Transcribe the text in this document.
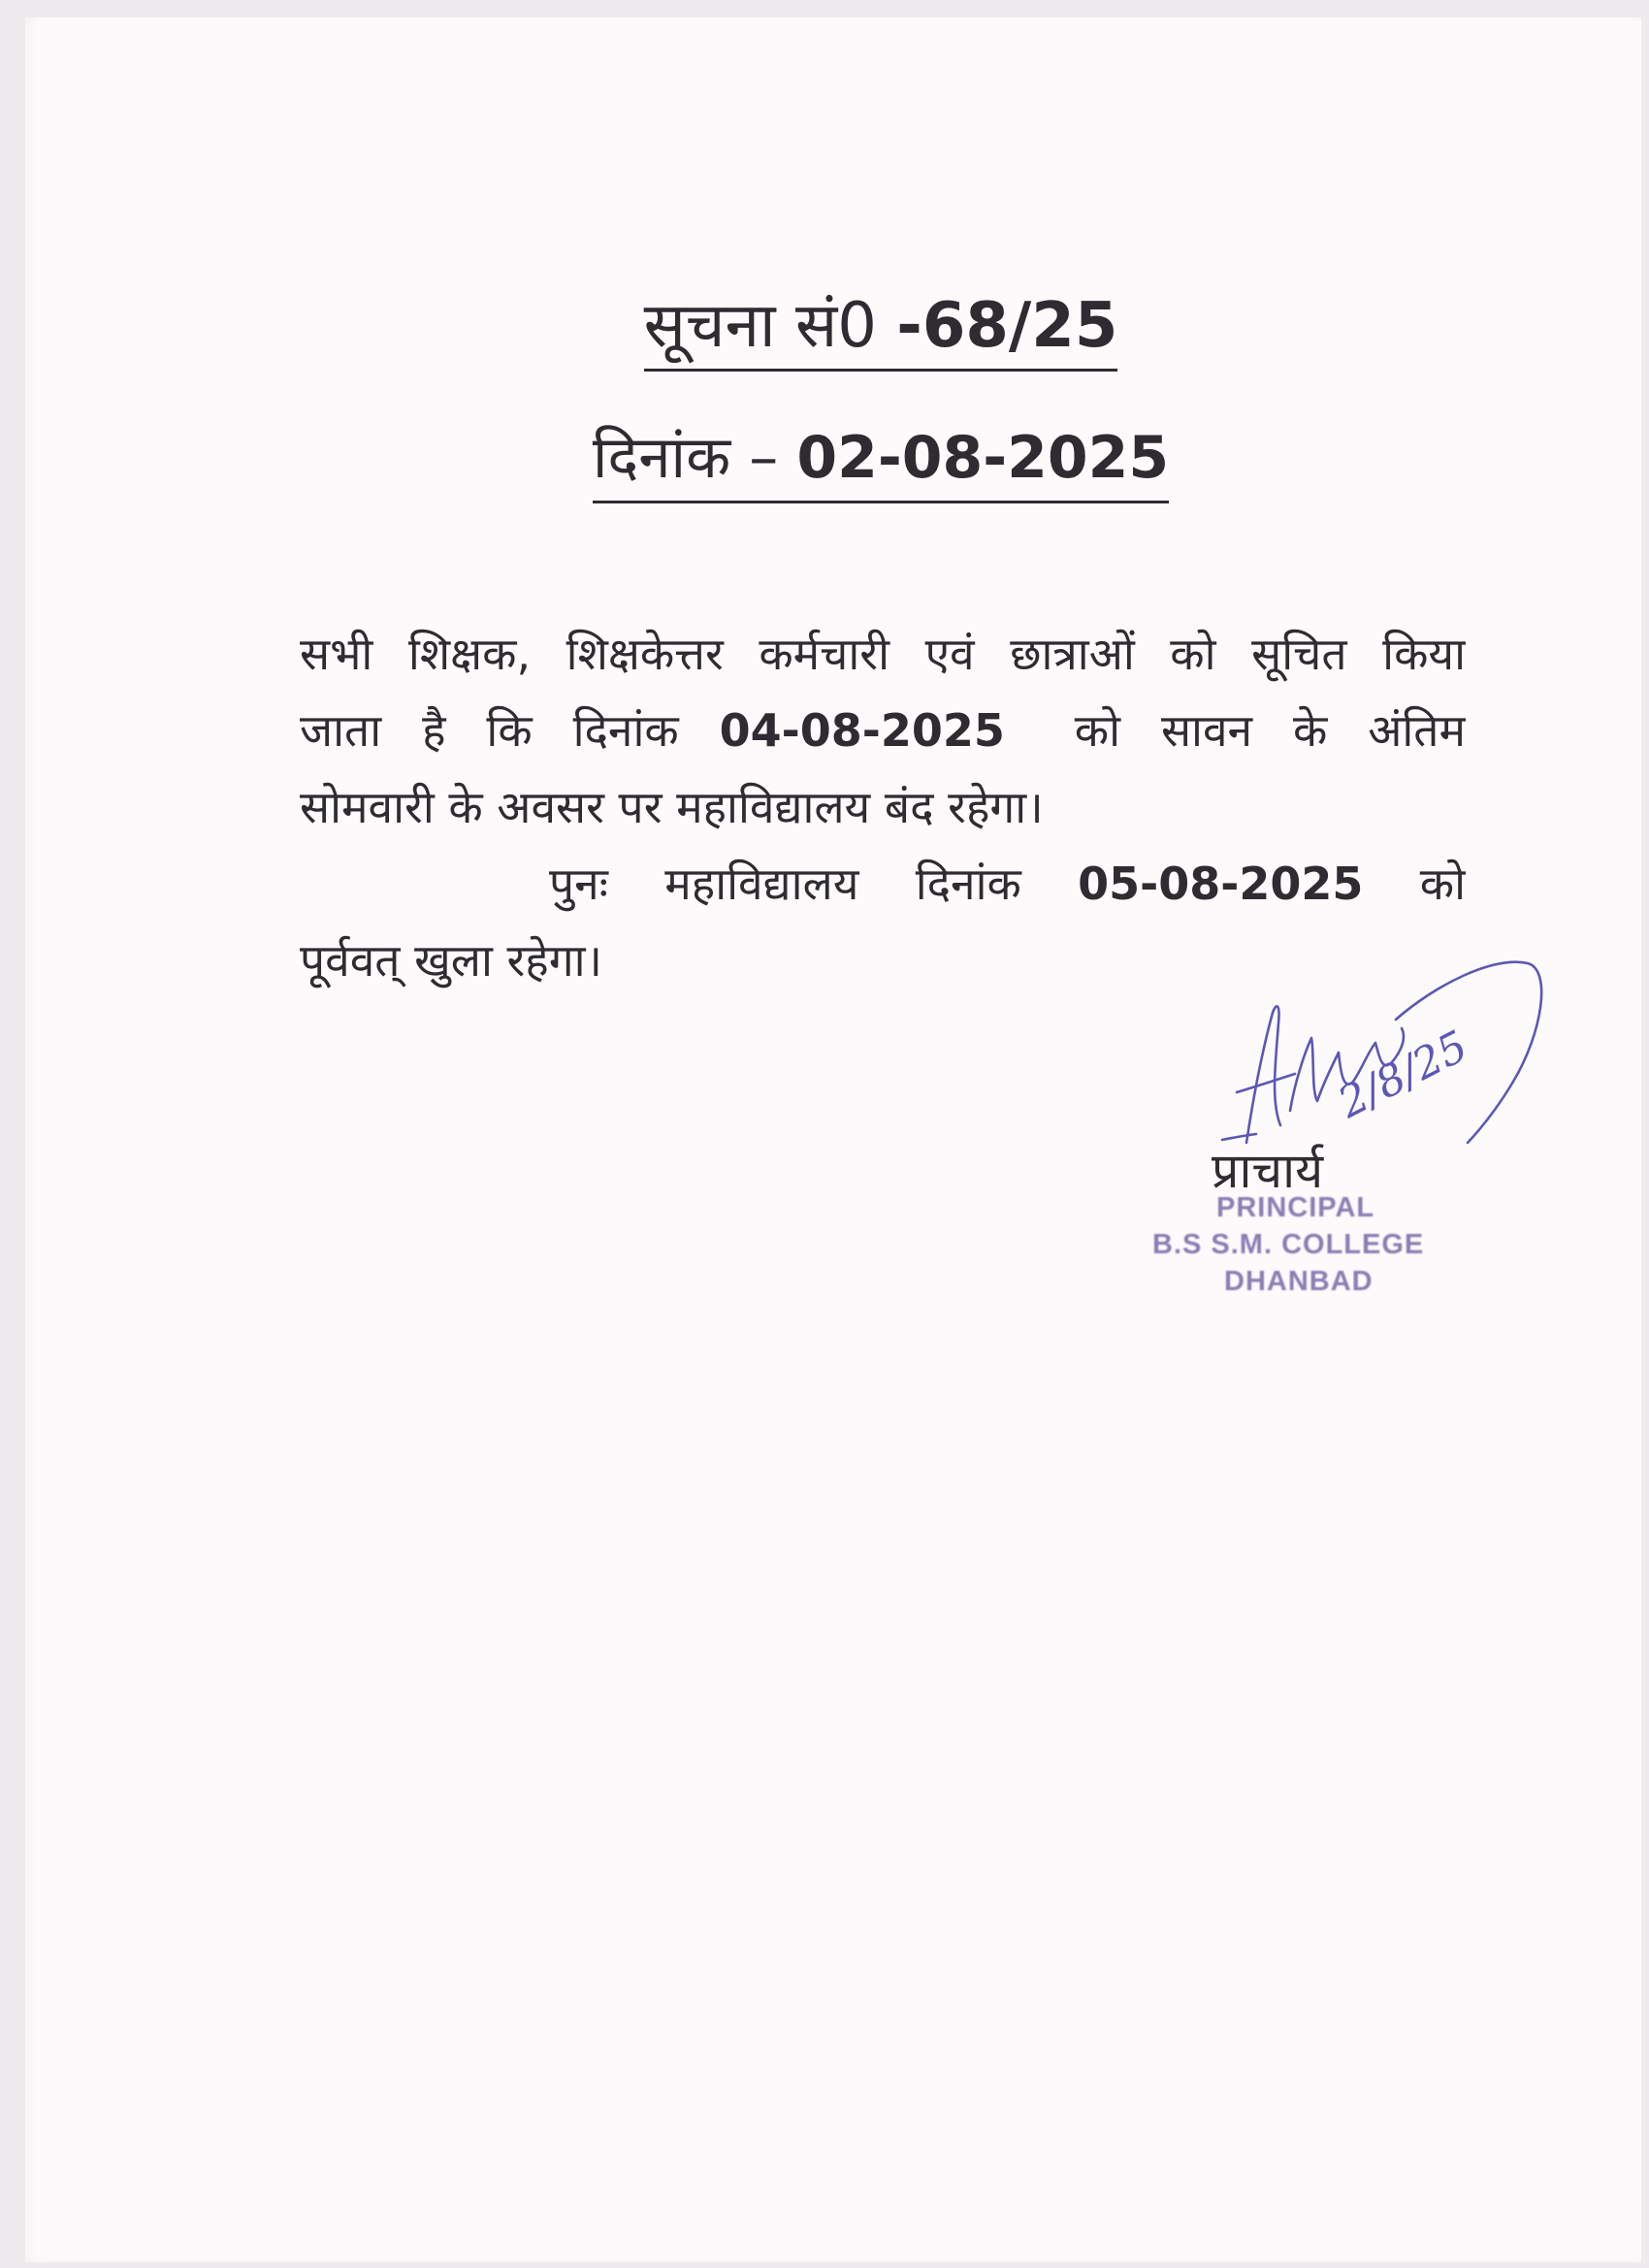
सूचना सं0 -68/25
दिनांक – 02-08-2025
सभी शिक्षक, शिक्षकेत्तर कर्मचारी एवं छात्राओं को सूचित किया
जाता है कि दिनांक 04-08-2025 को सावन के अंतिम
सोमवारी के अवसर पर महाविद्यालय बंद रहेगा।
पुनः महाविद्यालय दिनांक 05-08-2025 को
पूर्ववत् खुला रहेगा।
2/8/25
प्राचार्य
PRINCIPAL
B.S S.M. COLLEGE
DHANBAD
